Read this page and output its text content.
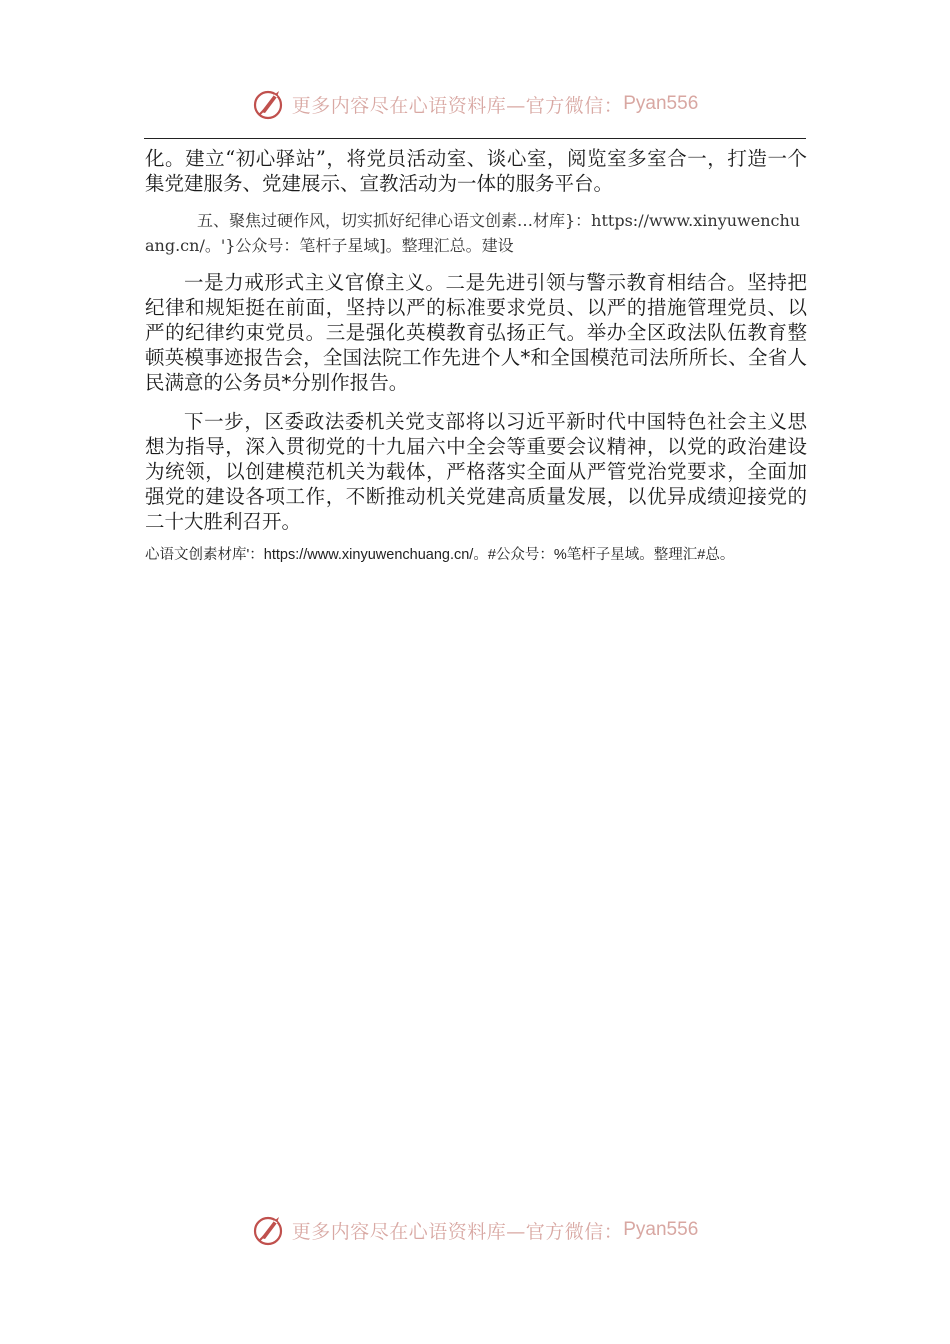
更多内容尽在心语资料库—官方微信： Pyan556

化。建立“初心驿站”，将党员活动室、谈心室，阅览室多室合一，打造一个集党建服务、党建展示、宣教活动为一体的服务平台。

五、聚焦过硬作风，切实抓好纪律心语文创素…材库}：https://www.xinyuwenchuang.cn/。'}公众号：笔杆子星域]。整理汇总。建设

一是力戒形式主义官僚主义。二是先进引领与警示教育相结合。坚持把纪律和规矩挺在前面，坚持以严的标准要求党员、以严的措施管理党员、以严的纪律约束党员。三是强化英模教育弘扬正气。举办全区政法队伍教育整顿英模事迹报告会，全国法院工作先进个人*和全国模范司法所所长、全省人民满意的公务员*分别作报告。

下一步，区委政法委机关党支部将以习近平新时代中国特色社会主义思想为指导，深入贯彻党的十九届六中全会等重要会议精神，以党的政治建设为统领，以创建模范机关为载体，严格落实全面从严管党治党要求，全面加强党的建设各项工作，不断推动机关党建高质量发展，以优异成绩迎接党的二十大胜利召开。

心语文创素材库'：https://www.xinyuwenchuang.cn/。#公众号：%笔杆子星域。整理汇#总。

更多内容尽在心语资料库—官方微信： Pyan556
